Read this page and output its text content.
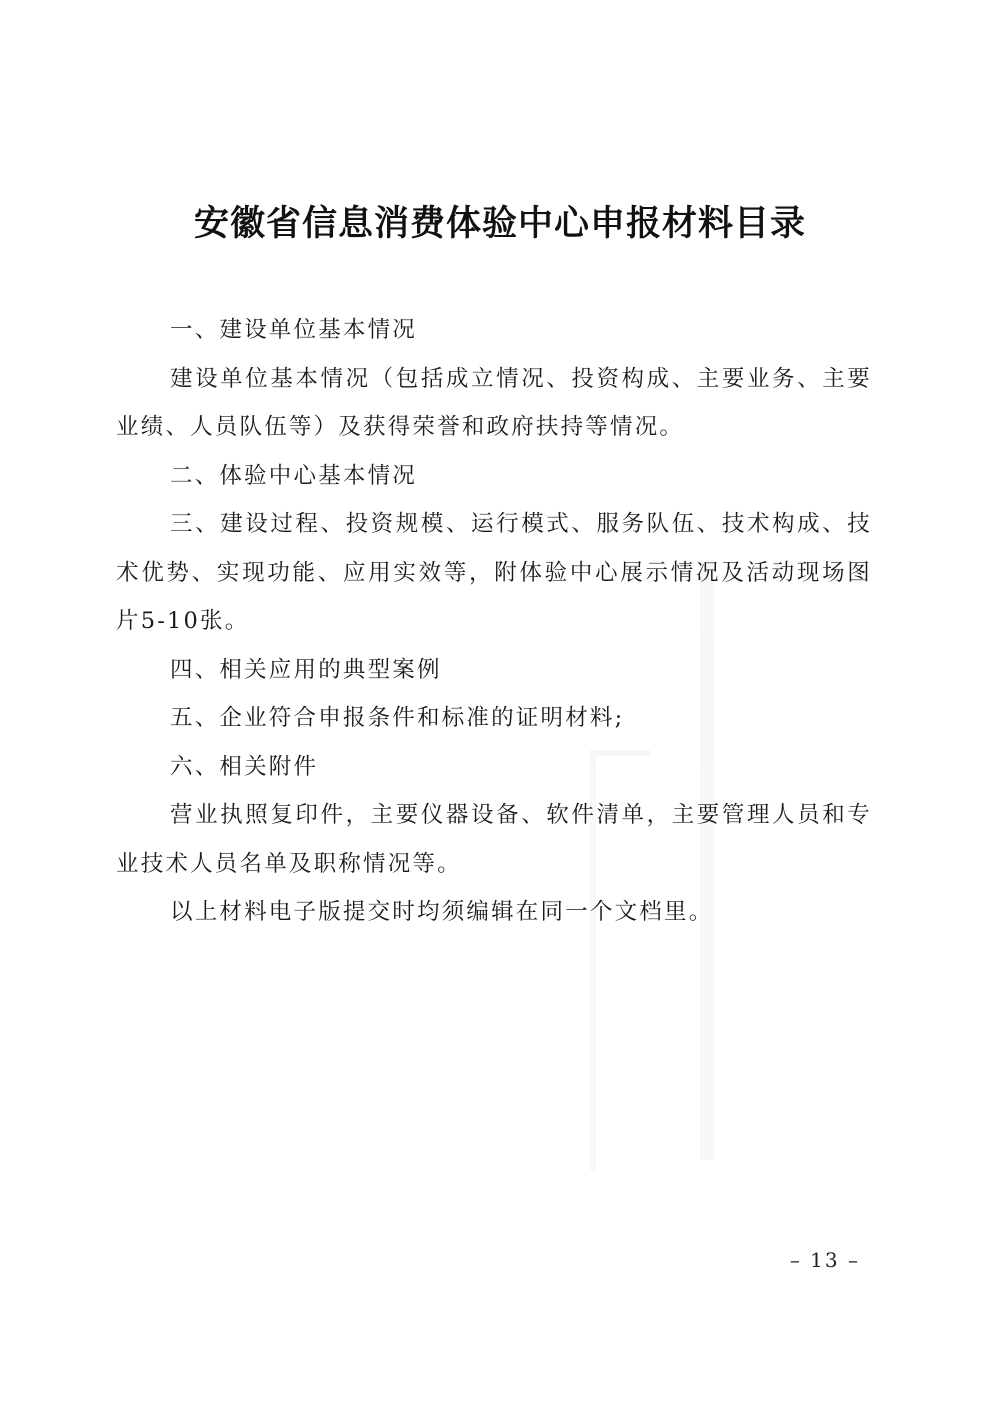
安徽省信息消费体验中心申报材料目录

一、建设单位基本情况

建设单位基本情况（包括成立情况、投资构成、主要业务、主要业绩、人员队伍等）及获得荣誉和政府扶持等情况。

二、体验中心基本情况

三、建设过程、投资规模、运行模式、服务队伍、技术构成、技术优势、实现功能、应用实效等，附体验中心展示情况及活动现场图片5-10张。

四、相关应用的典型案例

五、企业符合申报条件和标准的证明材料;

六、相关附件

营业执照复印件，主要仪器设备、软件清单，主要管理人员和专业技术人员名单及职称情况等。

以上材料电子版提交时均须编辑在同一个文档里。

– 13 –
